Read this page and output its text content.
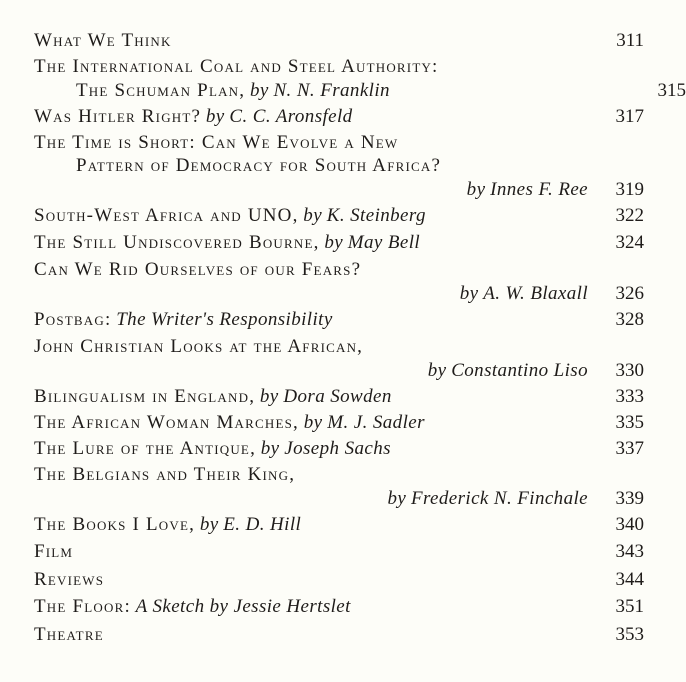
What We Think	311
The International Coal and Steel Authority:
The Schuman Plan, by N. N. Franklin	315
Was Hitler Right? by C. C. Aronsfeld	317
The Time is Short: Can We Evolve a New
Pattern of Democracy for South Africa?
by Innes F. Ree 319
South-West Africa and UNO, by K. Steinberg	322
The Still Undiscovered Bourne, by May Bell	324
Can We Rid Ourselves of our Fears?
by A. W. Blaxall 326
Postbag: The Writer's Responsibility	328
John Christian Looks at the African,
by Constantino Liso 330
Bilingualism in England, by Dora Sowden	333
The African Woman Marches, by M. J. Sadler	335
The Lure of the Antique, by Joseph Sachs	337
The Belgians and Their King,
by Frederick N. Finchale 339
The Books I Love, by E. D. Hill	340
Film	343
Reviews	344
The Floor: A Sketch by Jessie Hertslet	351
Theatre	353
